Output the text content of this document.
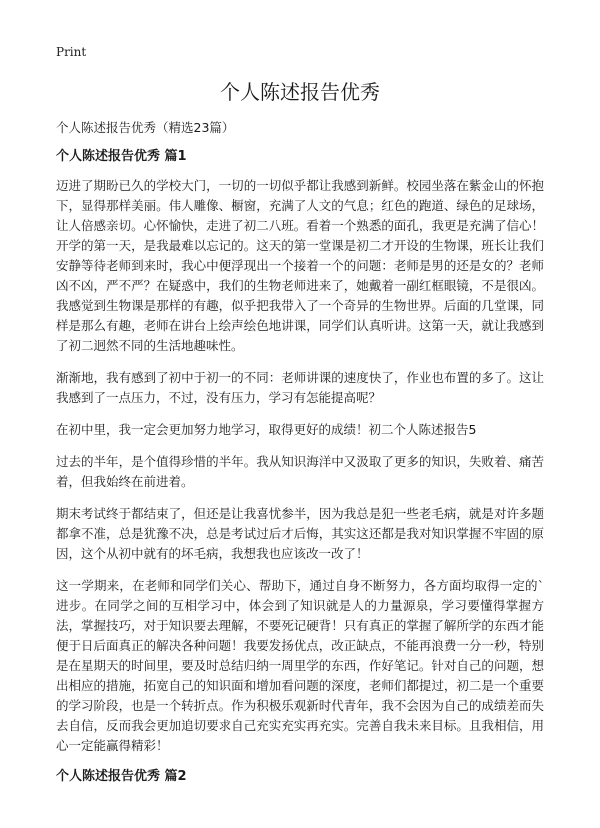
Print
个人陈述报告优秀

个人陈述报告优秀（精选23篇）

个人陈述报告优秀 篇1

迈进了期盼已久的学校大门，一切的一切似乎都让我感到新鲜。校园坐落在紫金山的怀抱下，显得那样美丽。伟人雕像、橱窗，充满了人文的气息；红色的跑道、绿色的足球场，让人倍感亲切。心怀愉快，走进了初二八班。看着一个熟悉的面孔，我更是充满了信心！开学的第一天，是我最难以忘记的。这天的第一堂课是初二才开设的生物课，班长让我们安静等待老师到来时，我心中便浮现出一个接着一个的问题：老师是男的还是女的？老师凶不凶，严不严？在疑惑中，我们的生物老师进来了，她戴着一副红框眼镜，不是很凶。我感觉到生物课是那样的有趣，似乎把我带入了一个奇异的生物世界。后面的几堂课，同样是那么有趣，老师在讲台上绘声绘色地讲课，同学们认真听讲。这第一天，就让我感到了初二迥然不同的生活地趣味性。

渐渐地，我有感到了初中于初一的不同：老师讲课的速度快了，作业也布置的多了。这让我感到了一点压力，不过，没有压力，学习有怎能提高呢？

在初中里，我一定会更加努力地学习，取得更好的成绩！初二个人陈述报告5

过去的半年，是个值得珍惜的半年。我从知识海洋中又汲取了更多的知识，失败着、痛苦着，但我始终在前进着。

期末考试终于都结束了，但还是让我喜忧参半，因为我总是犯一些老毛病，就是对许多题都拿不准，总是犹豫不决，总是考试过后才后悔，其实这还都是我对知识掌握不牢固的原因，这个从初中就有的坏毛病，我想我也应该改一改了！

这一学期来，在老师和同学们关心、帮助下，通过自身不断努力，各方面均取得一定的`进步。在同学之间的互相学习中，体会到了知识就是人的力量源泉，学习要懂得掌握方法，掌握技巧，对于知识要去理解，不要死记硬背！只有真正的掌握了解所学的东西才能便于日后面真正的解决各种问题！我要发扬优点，改正缺点，不能再浪费一分一秒，特别是在星期天的时间里，要及时总结归纳一周里学的东西，作好笔记。针对自己的问题，想出相应的措施，拓宽自己的知识面和增加看问题的深度，老师们都提过，初二是一个重要的学习阶段，也是一个转折点。作为积极乐观新时代青年，我不会因为自己的成绩差而失去自信，反而我会更加追切要求自己充实充实再充实。完善自我未来目标。且我相信，用心一定能赢得精彩！

个人陈述报告优秀 篇2
